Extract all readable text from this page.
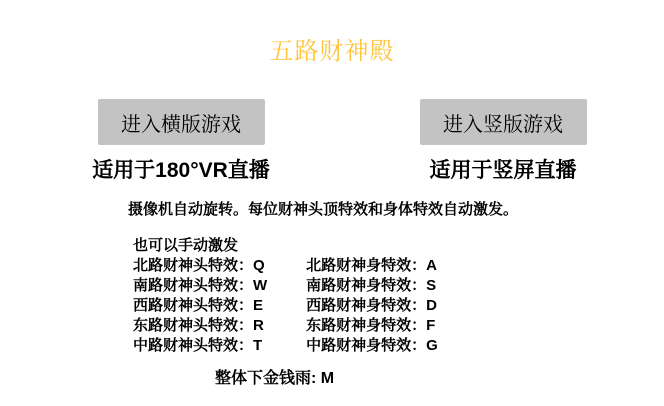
五路财神殿
进入横版游戏
适用于180°VR直播
进入竖版游戏
适用于竖屏直播

摄像机自动旋转。每位财神头顶特效和身体特效自动激发。

也可以手动激发
北路财神头特效：Q	北路财神身特效：A
南路财神头特效：W	南路财神身特效：S
西路财神头特效：E	西路财神身特效：D
东路财神头特效：R	东路财神身特效：F
中路财神头特效：T	中路财神身特效：G
整体下金钱雨: M
